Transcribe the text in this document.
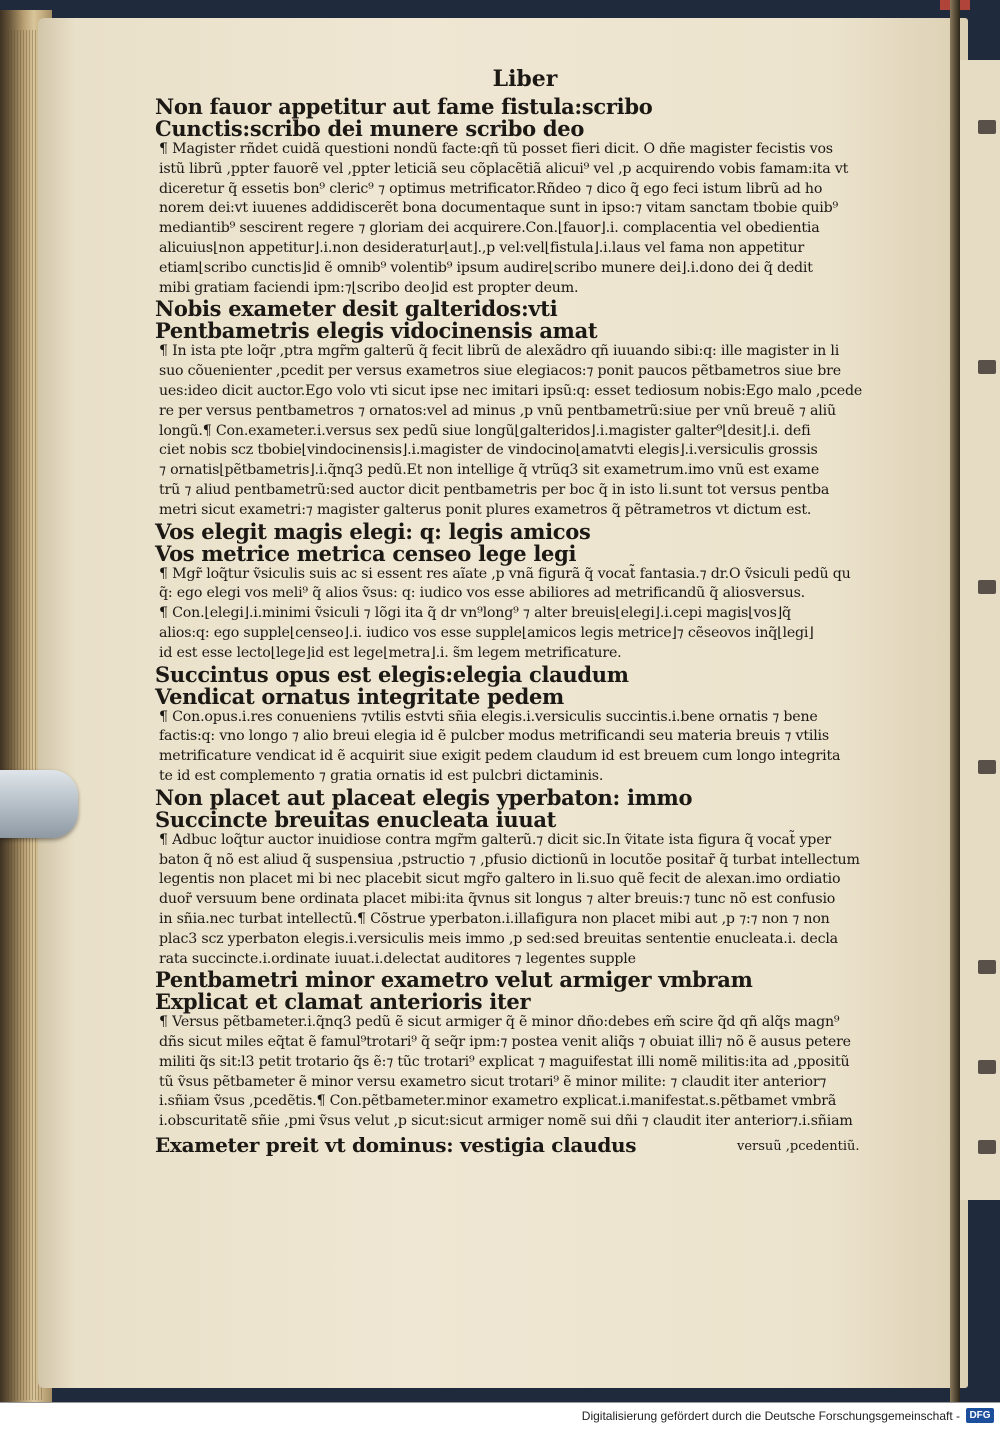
Liber
Non fauor appetitur aut fame fistula:scribo
Cunctis:scribo dei munere scribo deo
¶ Magister rñdet cuidã questioni nondũ facte:qñ tũ posset fieri dicit. O dñe magister fecistis vos
istũ librũ ,ppter fauorẽ vel ,ppter leticiã seu cõplacẽtiã alicui⁹ vel ,p acquirendo vobis famam:ita vt
diceretur q̃ essetis bon⁹ cleric⁹ ⁊ optimus metrificator.Rñdeo ⁊ dico q̃ ego feci istum librũ ad ho
norem dei:vt iuuenes addidiscerẽt bona documentaque sunt in ipso:⁊ vitam sanctam tbobie quib⁹
mediantib⁹ sescirent regere ⁊ gloriam dei acquirere.Con.⌊fauor⌋.i. complacentia vel obedientia
alicuius⌊non appetitur⌋.i.non desideratur⌊aut⌋.,p vel:vel⌊fistula⌋.i.laus vel fama non appetitur
etiam⌊scribo cunctis⌋id ẽ omnib⁹ volentib⁹ ipsum audire⌊scribo munere dei⌋.i.dono dei q̃ dedit
mibi gratiam faciendi ipm:⁊⌊scribo deo⌋id est propter deum.
Nobis exameter desit galteridos:vti
Pentbametris elegis vidocinensis amat
¶ In ista pte loq̃r ,ptra mgr̃m galterũ q̃ fecit librũ de alexãdro qñ iuuando sibi:q: ille magister in li
suo cõuenienter ,pcedit per versus exametros siue elegiacos:⁊ ponit paucos pẽtbametros siue bre
ues:ideo dicit auctor.Ego volo vti sicut ipse nec imitari ipsũ:q: esset tediosum nobis:Ego malo ,pcede
re per versus pentbametros ⁊ ornatos:vel ad minus ,p vnũ pentbametrũ:siue per vnũ breuẽ ⁊ aliũ
longũ.¶ Con.exameter.i.versus sex pedũ siue longũ⌊galteridos⌋.i.magister galter⁹⌊desit⌋.i. defi
ciet nobis scz tbobie⌊vindocinensis⌋.i.magister de vindocino⌊amatvti elegis⌋.i.versiculis grossis
⁊ ornatis⌊pẽtbametris⌋.i.q̃nq3 pedũ.Et non intellige q̃ vtrũq3 sit exametrum.imo vnũ est exame
trũ ⁊ aliud pentbametrũ:sed auctor dicit pentbametris per boc q̃ in isto li.sunt tot versus pentba
metri sicut exametri:⁊ magister galterus ponit plures exametros q̃ pẽtrametros vt dictum est.
Vos elegit magis elegi: q: legis amicos
Vos metrice metrica censeo lege legi
¶ Mgr̃ loq̃tur ṽsiculis suis ac si essent res aĩate ,p vnã figurã q̃ vocat̃ fantasia.⁊ dr.O ṽsiculi pedũ qu
q̃: ego elegi vos meli⁹ q̃ alios ṽsus: q: iudico vos esse abiliores ad metrificandũ q̃ aliosversus.
¶ Con.⌊elegi⌋.i.minimi ṽsiculi ⁊ lõgi ita q̃ dr vn⁹long⁹ ⁊ alter breuis⌊elegi⌋.i.cepi magis⌊vos⌋q̃
alios:q: ego supple⌊censeo⌋.i. iudico vos esse supple⌊amicos legis metrice⌋⁊ cẽseovos inq̃⌊legi⌋
id est esse lecto⌊lege⌋id est lege⌊metra⌋.i. s̃m legem metrificature.
Succintus opus est elegis:elegia claudum
Vendicat ornatus integritate pedem
¶ Con.opus.i.res conueniens ⁊vtilis estvti sñia elegis.i.versiculis succintis.i.bene ornatis ⁊ bene
factis:q: vno longo ⁊ alio breui elegia id ẽ pulcber modus metrificandi seu materia breuis ⁊ vtilis
metrificature vendicat id ẽ acquirit siue exigit pedem claudum id est breuem cum longo integrita
te id est complemento ⁊ gratia ornatis id est pulcbri dictaminis.
Non placet aut placeat elegis yperbaton: immo
Succincte breuitas enucleata iuuat
¶ Adbuc loq̃tur auctor inuidiose contra mgr̃m galterũ.⁊ dicit sic.In ṽitate ista figura q̃ vocat̃ yper
baton q̃ nõ est aliud q̃ suspensiua ,pstructio ⁊ ,pfusio dictionũ in locutõe positar̃ q̃ turbat intellectum
legentis non placet mi bi nec placebit sicut mgr̃o galtero in li.suo quẽ fecit de alexan.imo ordiatio
duor̃ versuum bene ordinata placet mibi:ita q̃vnus sit longus ⁊ alter breuis:⁊ tunc nõ est confusio
in sñia.nec turbat intellectũ.¶ Cõstrue yperbaton.i.illafigura non placet mibi aut ,p ⁊:⁊ non ⁊ non
plac3 scz yperbaton elegis.i.versiculis meis immo ,p sed:sed breuitas sententie enucleata.i. decla
rata succincte.i.ordinate iuuat.i.delectat auditores ⁊ legentes supple
Pentbametri minor exametro velut armiger vmbram
Explicat et clamat anterioris iter
¶ Versus pẽtbameter.i.q̃nq3 pedũ ẽ sicut armiger q̃ ẽ minor dño:debes em̃ scire q̃d qñ alq̃s magn⁹
dñs sicut miles eq̃tat ẽ famul⁹trotari⁹ q̃ seq̃r ipm:⁊ postea venit aliq̃s ⁊ obuiat illi⁊ nõ ẽ ausus petere
militi q̃s sit:l3 petit trotario q̃s ẽ:⁊ tũc trotari⁹ explicat ⁊ maguifestat illi nomẽ militis:ita ad ,ppositũ
tũ ṽsus pẽtbameter ẽ minor versu exametro sicut trotari⁹ ẽ minor milite: ⁊ claudit iter anterior⁊
i.sñiam ṽsus ,pcedẽtis.¶ Con.pẽtbameter.minor exametro explicat.i.manifestat.s.pẽtbamet vmbrã
i.obscuritatẽ sñie ,pmi ṽsus velut ,p sicut:sicut armiger nomẽ sui dñi ⁊ claudit iter anterior⁊.i.sñiam
Exameter preit vt dominus: vestigia claudus	versuũ ,pcedentiũ.
Digitalisierung gefördert durch die Deutsche Forschungsgemeinschaft - DFG
